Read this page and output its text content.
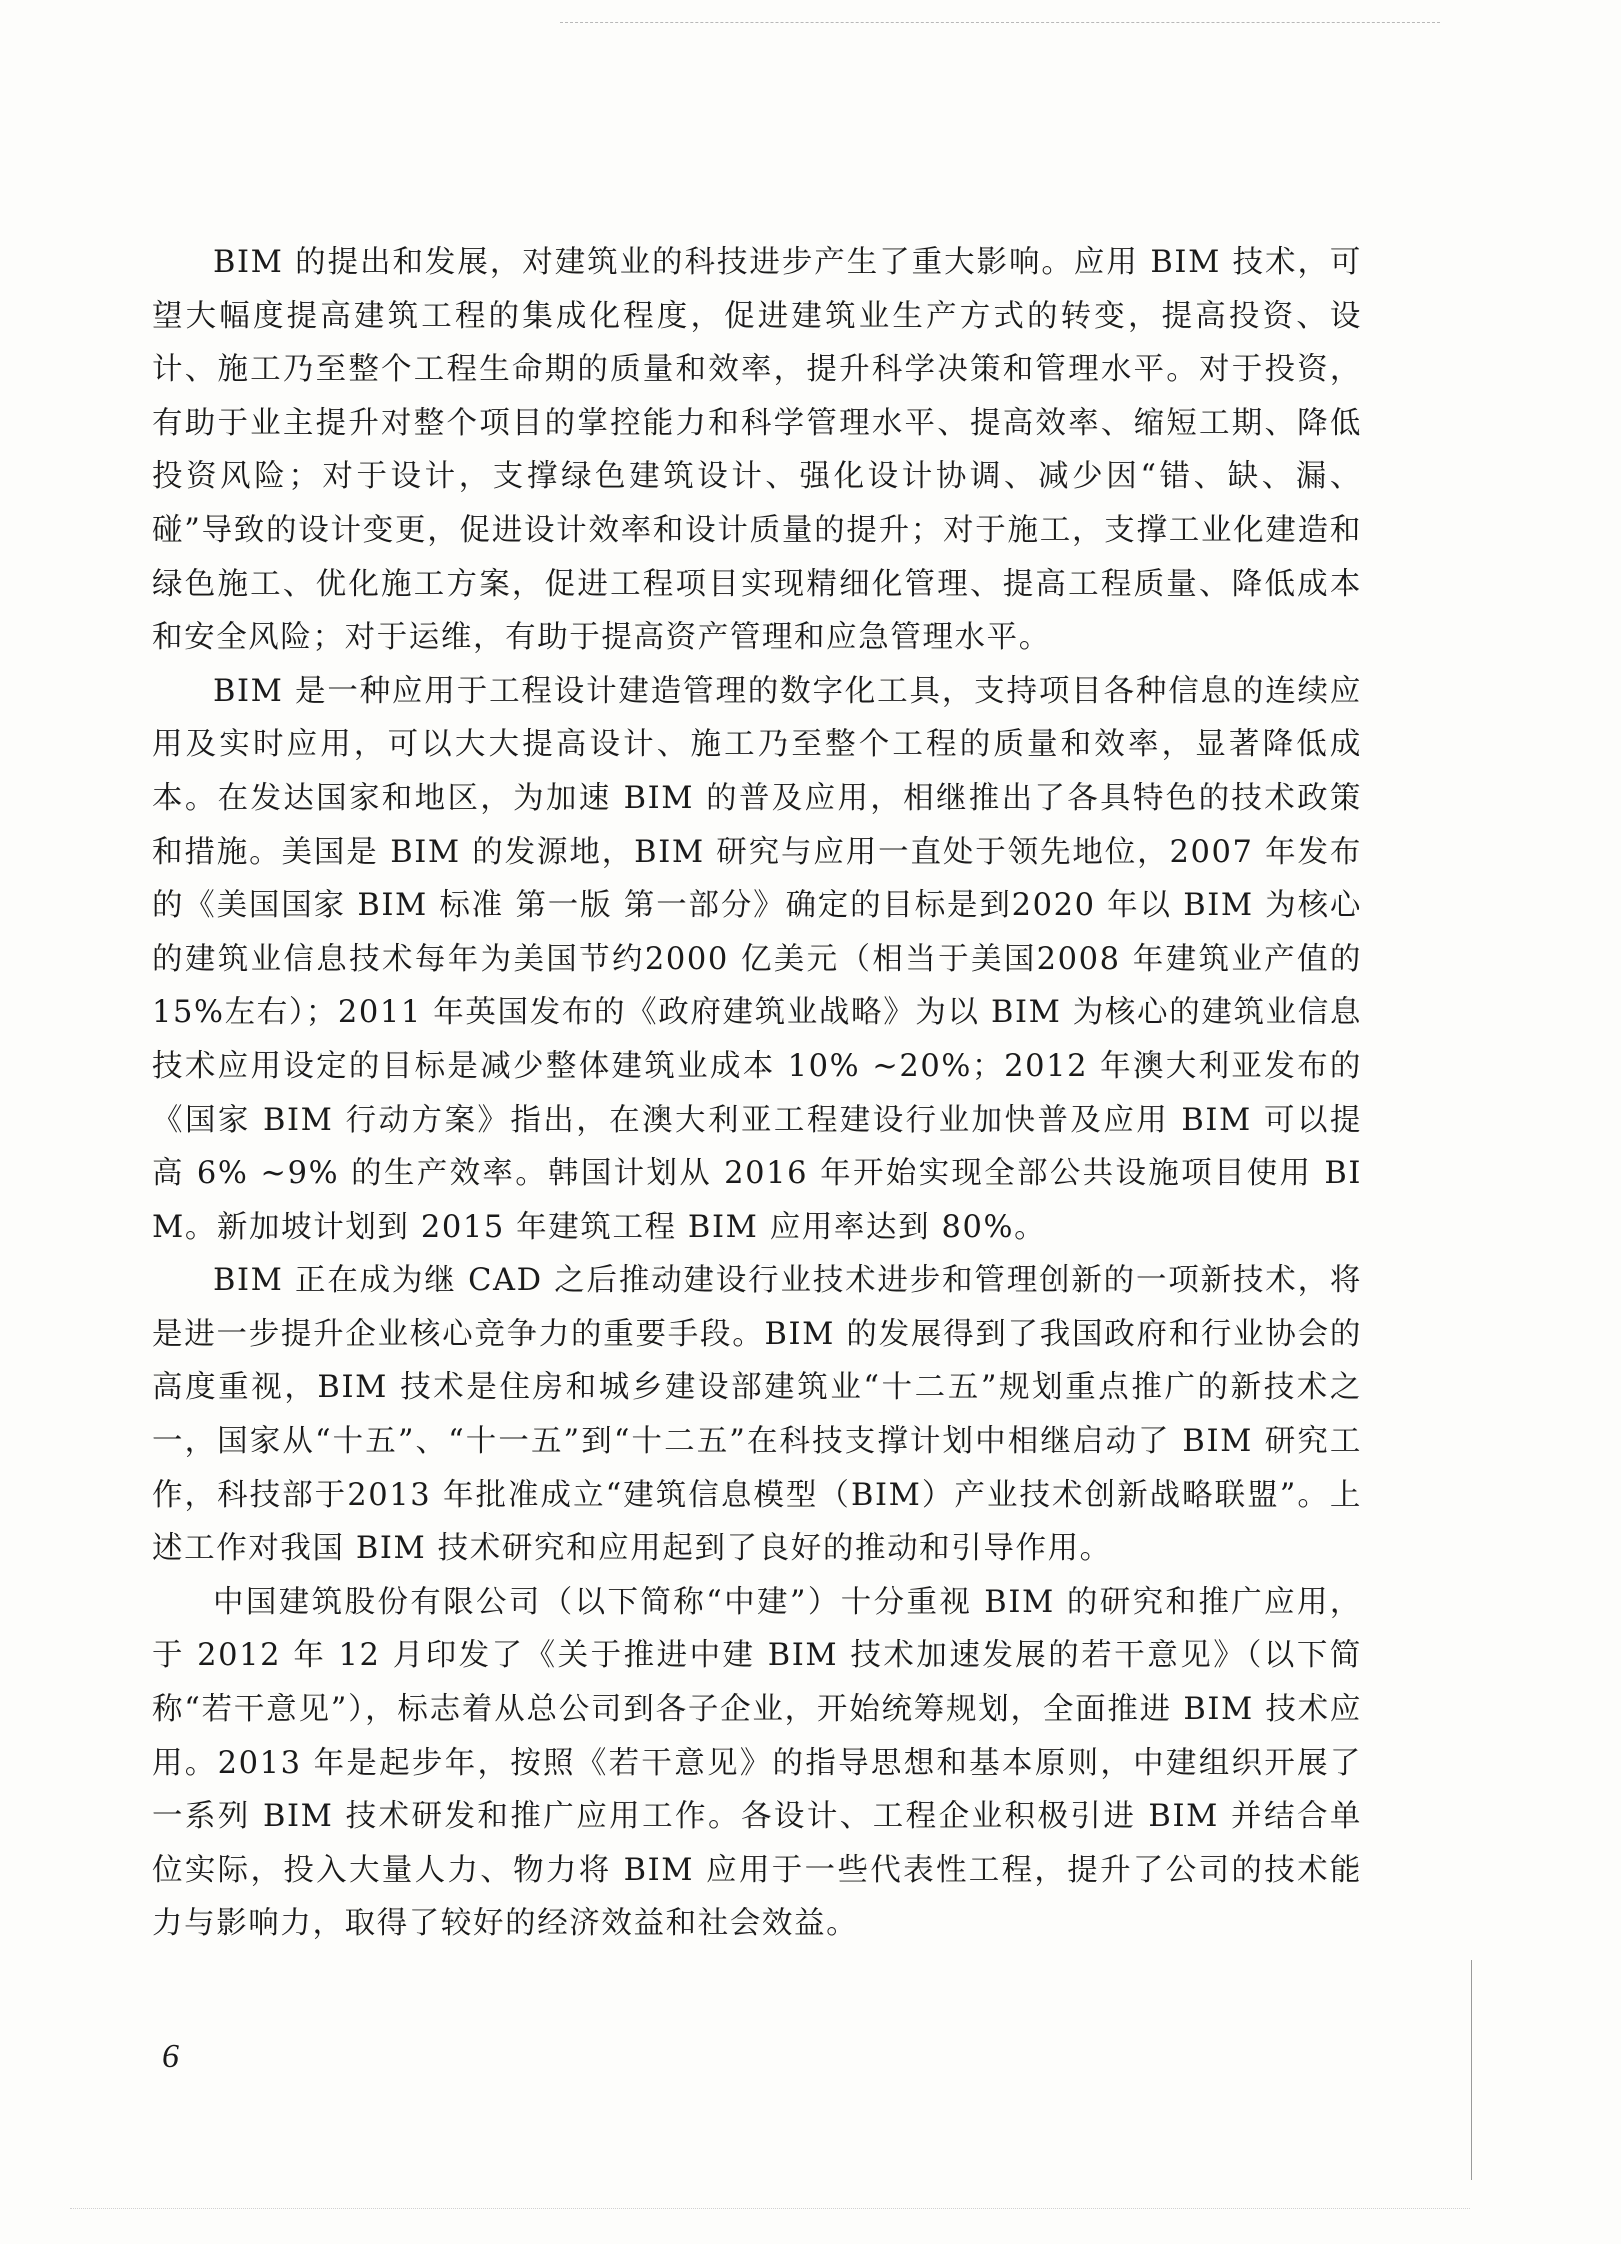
BIM 的提出和发展，对建筑业的科技进步产生了重大影响。应用 BIM 技术，可望大幅度提高建筑工程的集成化程度，促进建筑业生产方式的转变，提高投资、设计、施工乃至整个工程生命期的质量和效率，提升科学决策和管理水平。对于投资，有助于业主提升对整个项目的掌控能力和科学管理水平、提高效率、缩短工期、降低投资风险；对于设计，支撑绿色建筑设计、强化设计协调、减少因“错、缺、漏、碰”导致的设计变更，促进设计效率和设计质量的提升；对于施工，支撑工业化建造和绿色施工、优化施工方案，促进工程项目实现精细化管理、提高工程质量、降低成本和安全风险；对于运维，有助于提高资产管理和应急管理水平。

BIM 是一种应用于工程设计建造管理的数字化工具，支持项目各种信息的连续应用及实时应用，可以大大提高设计、施工乃至整个工程的质量和效率，显著降低成本。在发达国家和地区，为加速 BIM 的普及应用，相继推出了各具特色的技术政策和措施。美国是 BIM 的发源地，BIM 研究与应用一直处于领先地位，2007 年发布的《美国国家 BIM 标准 第一版 第一部分》确定的目标是到2020 年以 BIM 为核心的建筑业信息技术每年为美国节约2000 亿美元（相当于美国2008 年建筑业产值的 15%左右）；2011 年英国发布的《政府建筑业战略》为以 BIM 为核心的建筑业信息技术应用设定的目标是减少整体建筑业成本 10% ~20%；2012 年澳大利亚发布的《国家 BIM 行动方案》指出，在澳大利亚工程建设行业加快普及应用 BIM 可以提高 6% ~9% 的生产效率。韩国计划从 2016 年开始实现全部公共设施项目使用 BIM。新加坡计划到 2015 年建筑工程 BIM 应用率达到 80%。

BIM 正在成为继 CAD 之后推动建设行业技术进步和管理创新的一项新技术，将是进一步提升企业核心竞争力的重要手段。BIM 的发展得到了我国政府和行业协会的高度重视，BIM 技术是住房和城乡建设部建筑业“十二五”规划重点推广的新技术之一，国家从“十五”、“十一五”到“十二五”在科技支撑计划中相继启动了 BIM 研究工作，科技部于2013 年批准成立“建筑信息模型（BIM）产业技术创新战略联盟”。上述工作对我国 BIM 技术研究和应用起到了良好的推动和引导作用。

中国建筑股份有限公司（以下简称“中建”）十分重视 BIM 的研究和推广应用，于 2012 年 12 月印发了《关于推进中建 BIM 技术加速发展的若干意见》（以下简称“若干意见”），标志着从总公司到各子企业，开始统筹规划，全面推进 BIM 技术应用。2013 年是起步年，按照《若干意见》的指导思想和基本原则，中建组织开展了一系列 BIM 技术研发和推广应用工作。各设计、工程企业积极引进 BIM 并结合单位实际，投入大量人力、物力将 BIM 应用于一些代表性工程，提升了公司的技术能力与影响力，取得了较好的经济效益和社会效益。

6
